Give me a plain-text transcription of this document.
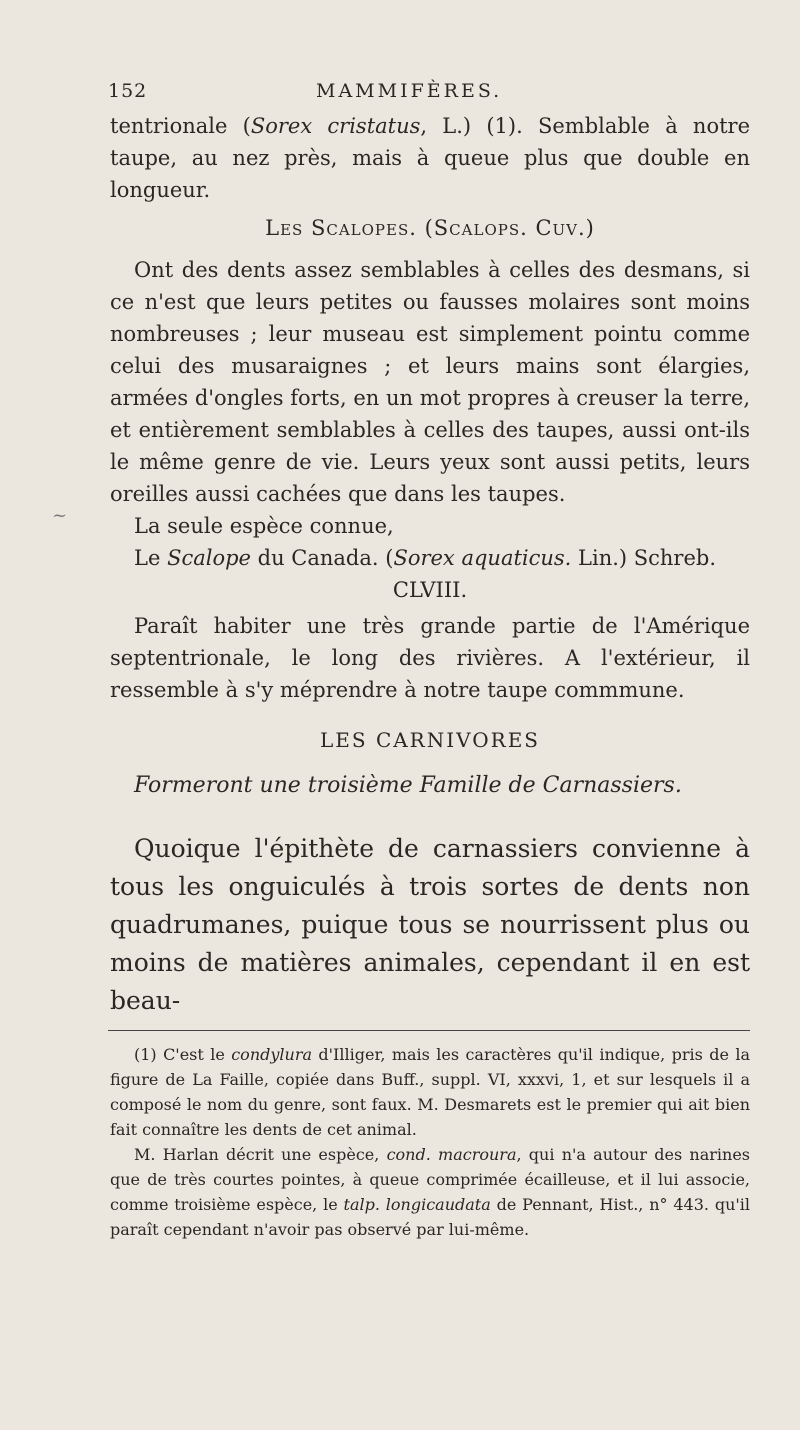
152	MAMMIFÈRES.
~

tentrionale (Sorex cristatus, L.) (1). Semblable à notre taupe, au nez près, mais à queue plus que double en longueur.

Les Scalopes. (Scalops. Cuv.)

Ont des dents assez semblables à celles des desmans, si ce n'est que leurs petites ou fausses molaires sont moins nombreuses ; leur museau est simplement pointu comme celui des musaraignes ; et leurs mains sont élargies, armées d'ongles forts, en un mot propres à creuser la terre, et entièrement semblables à celles des taupes, aussi ont-ils le même genre de vie. Leurs yeux sont aussi petits, leurs oreilles aussi cachées que dans les taupes.

La seule espèce connue,

Le Scalope du Canada. (Sorex aquaticus. Lin.) Schreb.

CLVIII.

Paraît habiter une très grande partie de l'Amérique septentrionale, le long des rivières. A l'extérieur, il ressemble à s'y méprendre à notre taupe commmune.

LES CARNIVORES

Formeront une troisième Famille de Carnassiers.

Quoique l'épithète de carnassiers convienne à tous les onguiculés à trois sortes de dents non quadrumanes, puique tous se nourrissent plus ou moins de matières animales, cependant il en est beau-

(1) C'est le condylura d'Illiger, mais les caractères qu'il indique, pris de la figure de La Faille, copiée dans Buff., suppl. VI, xxxvi, 1, et sur lesquels il a composé le nom du genre, sont faux. M. Desmarets est le premier qui ait bien fait connaître les dents de cet animal.

M. Harlan décrit une espèce, cond. macroura, qui n'a autour des narines que de très courtes pointes, à queue comprimée écailleuse, et il lui associe, comme troisième espèce, le talp. longicaudata de Pennant, Hist., n° 443. qu'il paraît cependant n'avoir pas observé par lui-même.
